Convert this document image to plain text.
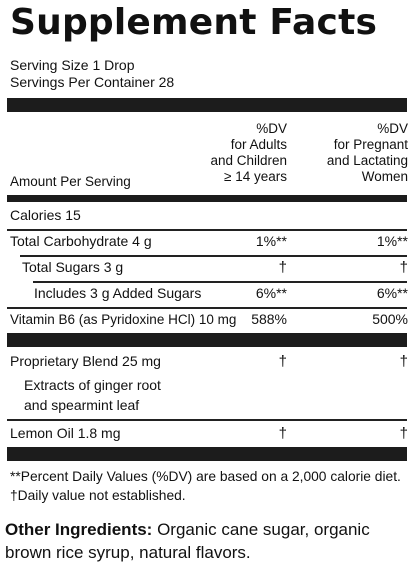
Supplement Facts
Serving Size 1 Drop
Servings Per Container 28
%DV
for Adults
and Children
≥ 14 years
%DV
for Pregnant
and Lactating
Women
Amount Per Serving
Calories 15
Total Carbohydrate 4 g	1%**	1%**
Total Sugars 3 g	†	†
Includes 3 g Added Sugars	6%**	6%**
Vitamin B6 (as Pyridoxine HCl) 10 mg 588%	500%
Proprietary Blend 25 mg	†	†
Extracts of ginger root
and spearmint leaf
Lemon Oil 1.8 mg	†	†
**Percent Daily Values (%DV) are based on a 2,000 calorie diet.
†Daily value not established.
Other Ingredients: Organic cane sugar, organic brown rice syrup, natural flavors.
